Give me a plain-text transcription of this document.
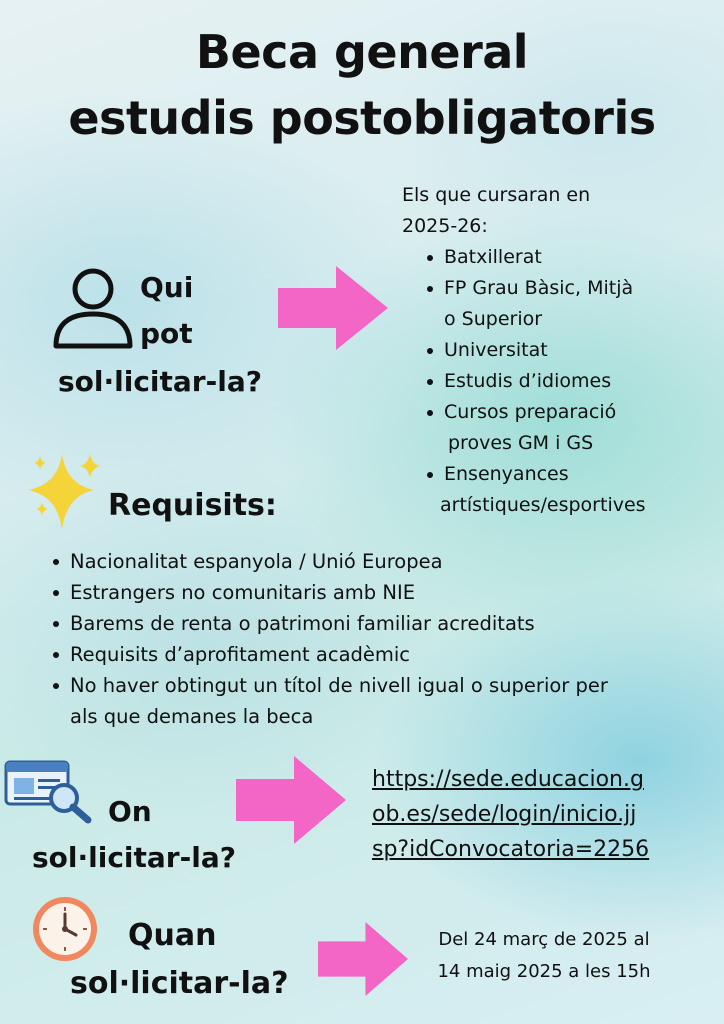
Beca general
estudis postobligatoris
Qui
pot
sol·licitar-la?
Els que cursaran en
2025-26:
Batxillerat
FP Grau Bàsic, Mitjà
o Superior
Universitat
Estudis d’idiomes
Cursos preparació
proves GM i GS
Ensenyances
artístiques/esportives
Requisits:
Nacionalitat espanyola / Unió Europea
Estrangers no comunitaris amb NIE
Barems de renta o patrimoni familiar acreditats
Requisits d’aprofitament acadèmic
No haver obtingut un títol de nivell igual o superior per
als que demanes la beca
On
sol·licitar-la?
https://sede.educacion.g
ob.es/sede/login/inicio.jj
sp?idConvocatoria=2256
Quan
sol·licitar-la?
Del 24 març de 2025 al
14 maig 2025 a les 15h
